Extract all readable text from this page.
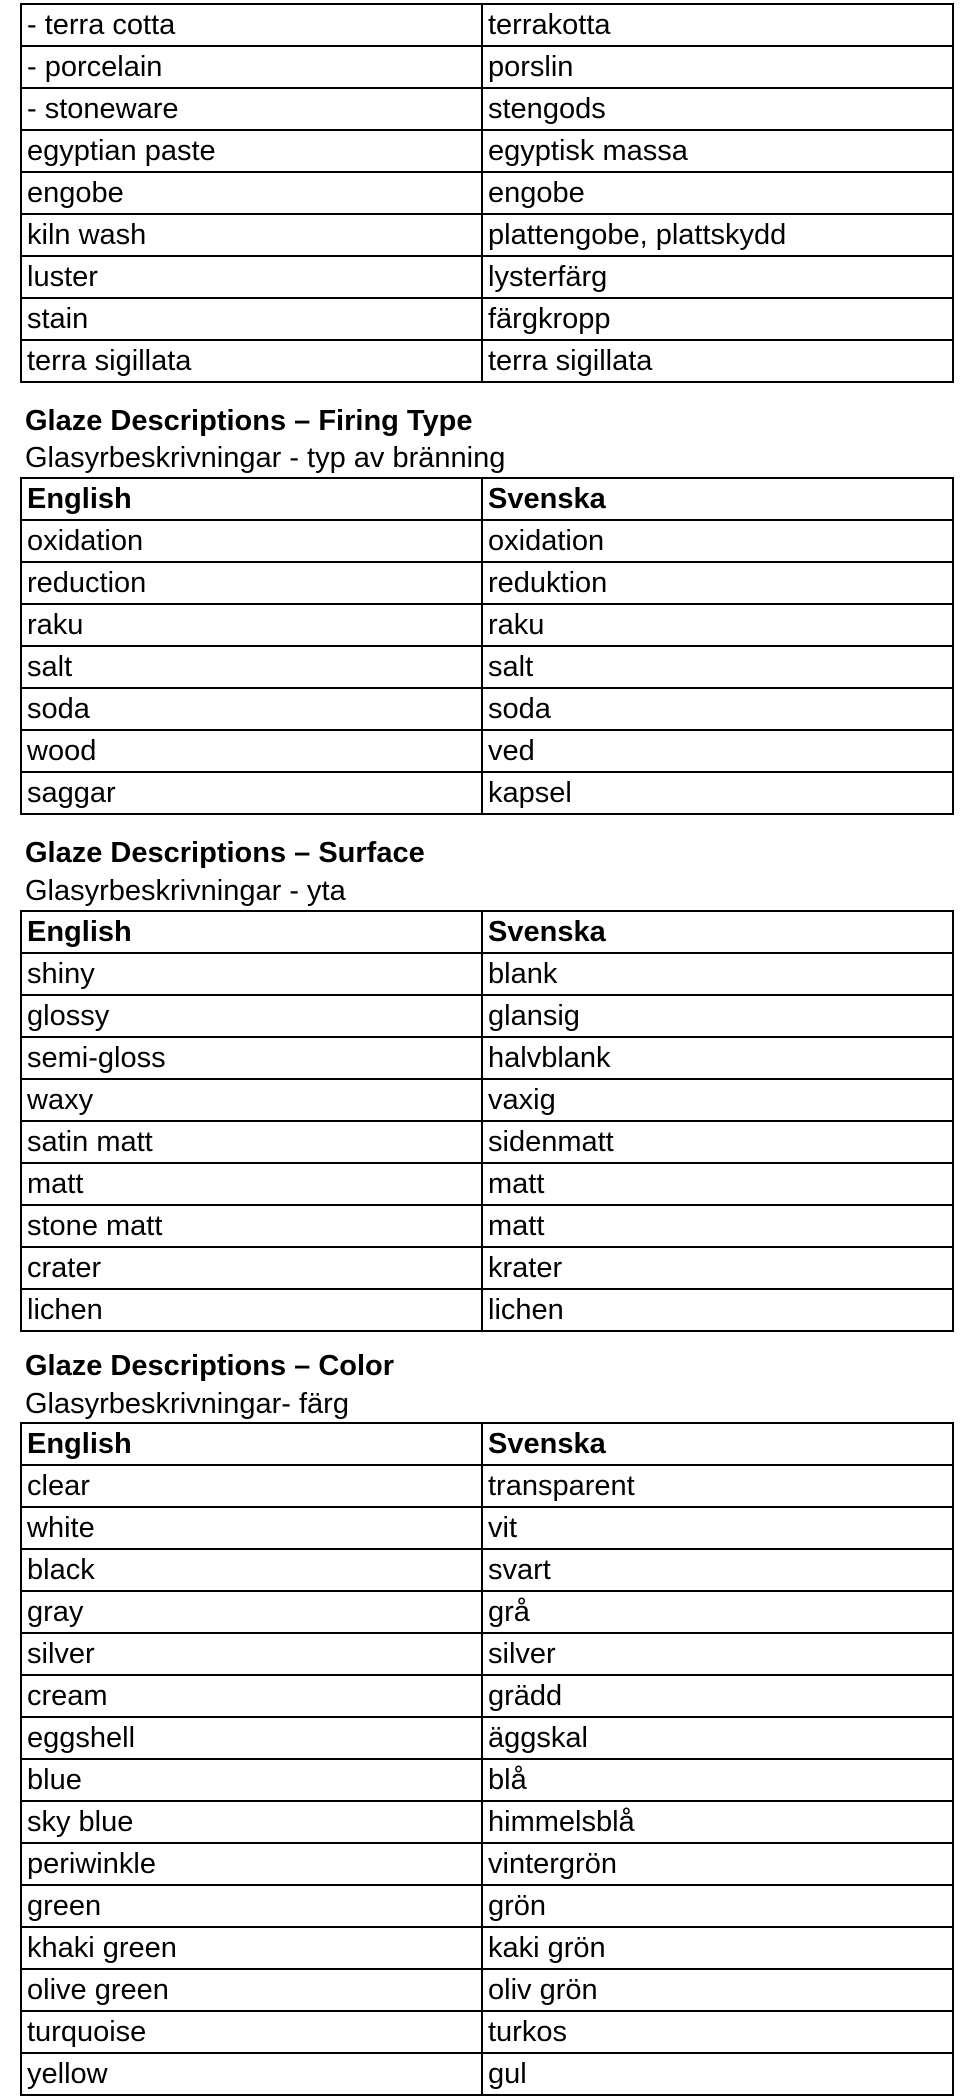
- terra cotta	terrakotta
- porcelain	porslin
- stoneware	stengods
egyptian paste	egyptisk massa
engobe	engobe
kiln wash	plattengobe, plattskydd
luster	lysterfärg
stain	färgkropp
terra sigillata	terra sigillata
Glaze Descriptions – Firing Type
Glasyrbeskrivningar - typ av bränning
English	Svenska
oxidation	oxidation
reduction	reduktion
raku	raku
salt	salt
soda	soda
wood	ved
saggar	kapsel
Glaze Descriptions – Surface
Glasyrbeskrivningar - yta
English	Svenska
shiny	blank
glossy	glansig
semi-gloss	halvblank
waxy	vaxig
satin matt	sidenmatt
matt	matt
stone matt	matt
crater	krater
lichen	lichen
Glaze Descriptions – Color
Glasyrbeskrivningar- färg
English	Svenska
clear	transparent
white	vit
black	svart
gray	grå
silver	silver
cream	grädd
eggshell	äggskal
blue	blå
sky blue	himmelsblå
periwinkle	vintergrön
green	grön
khaki green	kaki grön
olive green	oliv grön
turquoise	turkos
yellow	gul
